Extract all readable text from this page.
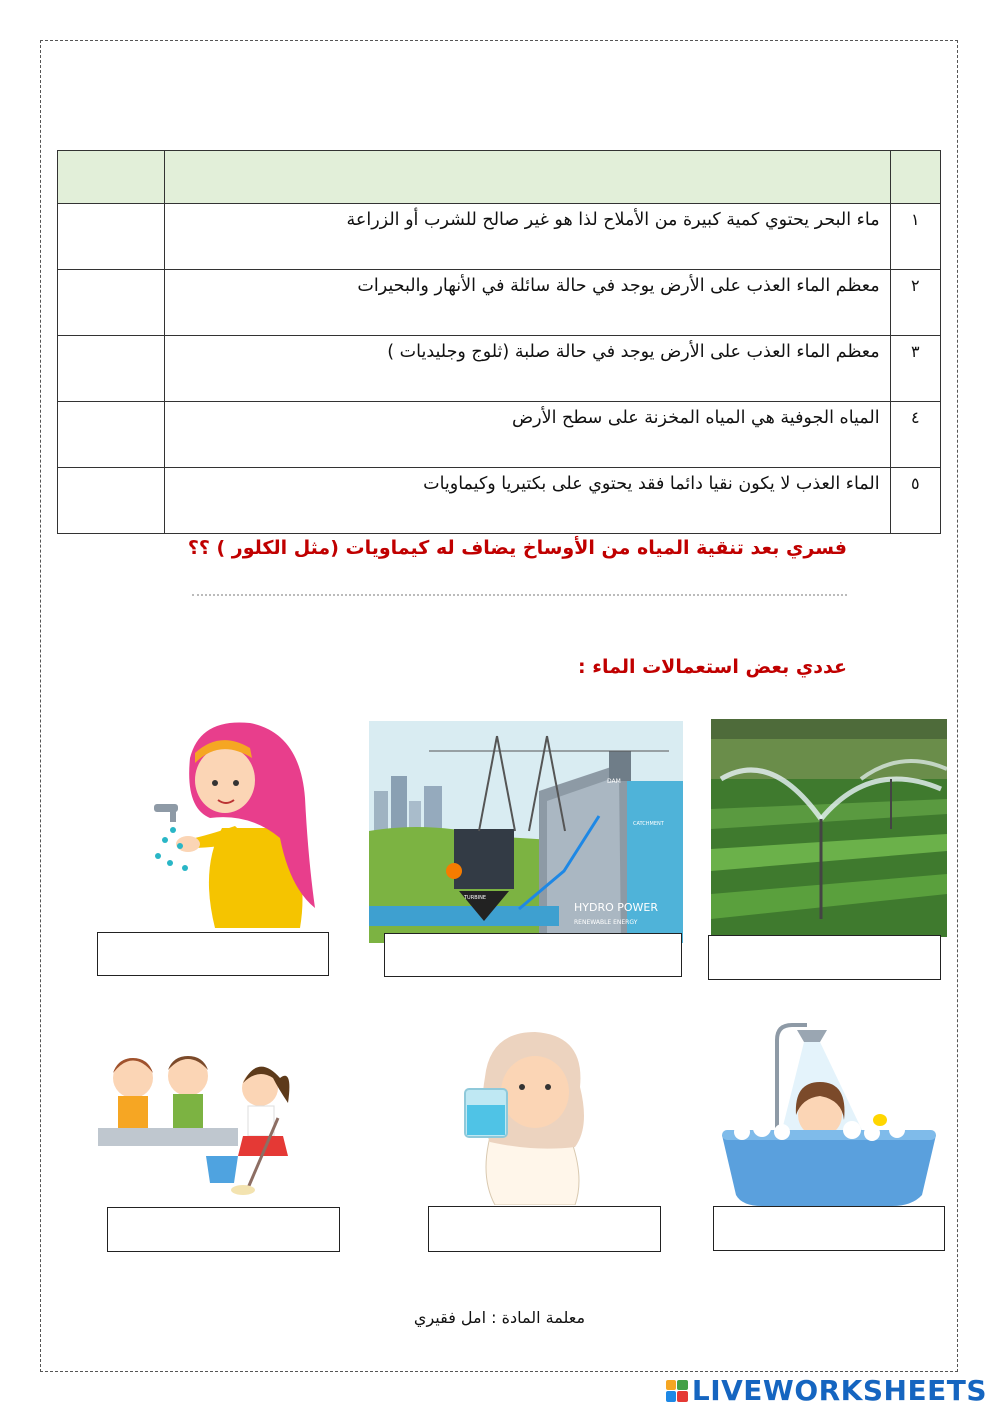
١	ماء البحر يحتوي كمية كبيرة من الأملاح لذا هو غير صالح للشرب أو الزراعة	
٢	معظم الماء العذب على الأرض يوجد في حالة سائلة في الأنهار والبحيرات	
٣	معظم الماء العذب على الأرض يوجد في حالة صلبة (ثلوج وجليديات )	
٤	المياه الجوفية هي المياه المخزنة على سطح الأرض	
٥	الماء العذب لا يكون نقيا دائما فقد يحتوي على بكتيريا وكيماويات	
فسري بعد تنقية المياه من الأوساخ يضاف له كيماويات (مثل الكلور ) ؟؟
عددي بعض استعمالات الماء :
DAM
CATCHMENT
HYDRO POWER
RENEWABLE ENERGY
TURBINE
معلمة المادة : امل فقيري
LIVEWORKSHEETS
